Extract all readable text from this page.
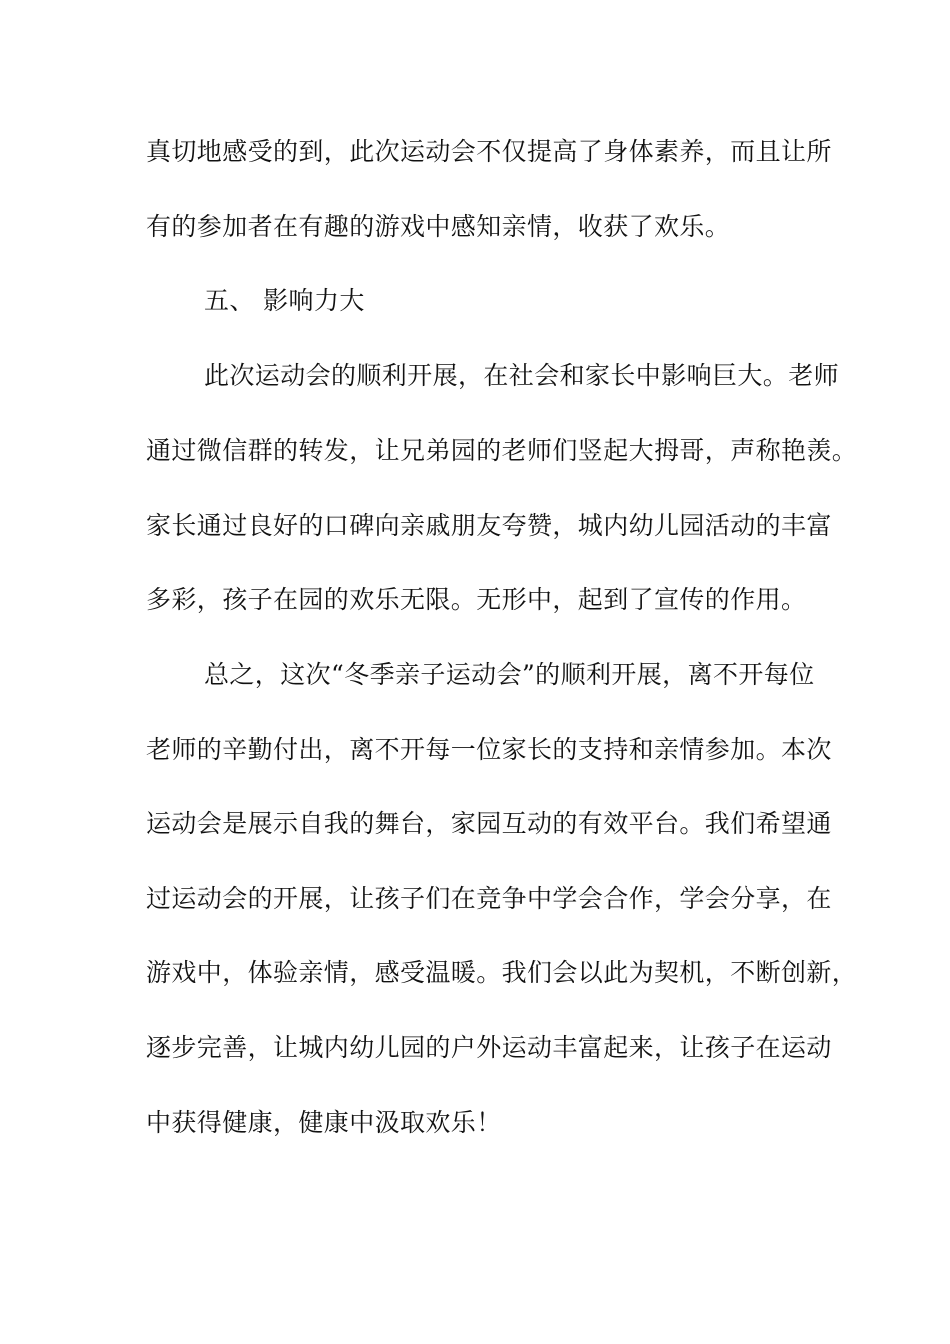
真切地感受的到，此次运动会不仅提高了身体素养，而且让所
有的参加者在有趣的游戏中感知亲情，收获了欢乐。
五、 影响力大
此次运动会的顺利开展，在社会和家长中影响巨大。老师
通过微信群的转发，让兄弟园的老师们竖起大拇哥，声称艳羡。
家长通过良好的口碑向亲戚朋友夸赞，城内幼儿园活动的丰富
多彩，孩子在园的欢乐无限。无形中，起到了宣传的作用。
总之，这次“冬季亲子运动会”的顺利开展，离不开每位
老师的辛勤付出，离不开每一位家长的支持和亲情参加。本次
运动会是展示自我的舞台，家园互动的有效平台。我们希望通
过运动会的开展，让孩子们在竞争中学会合作，学会分享，在
游戏中，体验亲情，感受温暖。我们会以此为契机，不断创新，
逐步完善，让城内幼儿园的户外运动丰富起来，让孩子在运动
中获得健康，健康中汲取欢乐！
